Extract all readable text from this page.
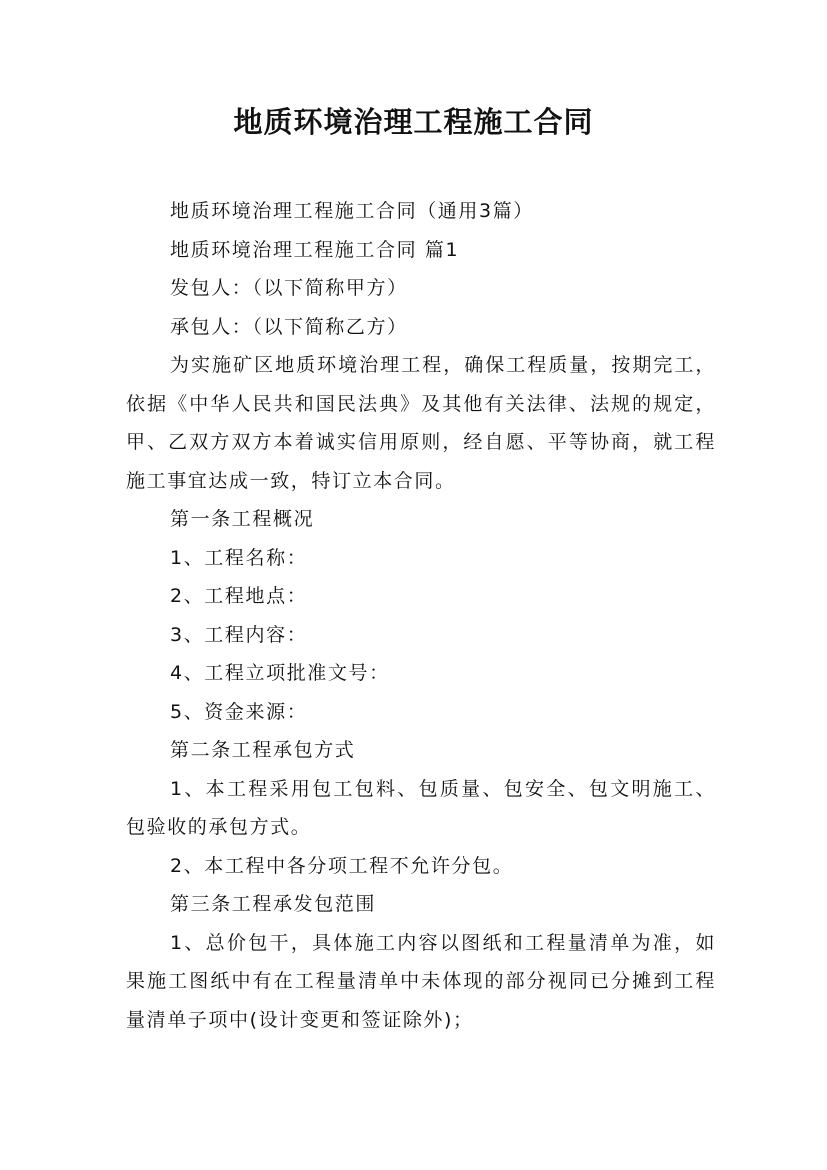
地质环境治理工程施工合同

地质环境治理工程施工合同（通用3篇）

地质环境治理工程施工合同 篇1

发包人：（以下简称甲方）

承包人：（以下简称乙方）

为实施矿区地质环境治理工程，确保工程质量，按期完工，依据《中华人民共和国民法典》及其他有关法律、法规的规定，甲、乙双方双方本着诚实信用原则，经自愿、平等协商，就工程施工事宜达成一致，特订立本合同。

第一条工程概况

1、工程名称：

2、工程地点：

3、工程内容：

4、工程立项批准文号：

5、资金来源：

第二条工程承包方式

1、本工程采用包工包料、包质量、包安全、包文明施工、包验收的承包方式。

2、本工程中各分项工程不允许分包。

第三条工程承发包范围

1、总价包干，具体施工内容以图纸和工程量清单为准，如果施工图纸中有在工程量清单中未体现的部分视同已分摊到工程量清单子项中(设计变更和签证除外)；
